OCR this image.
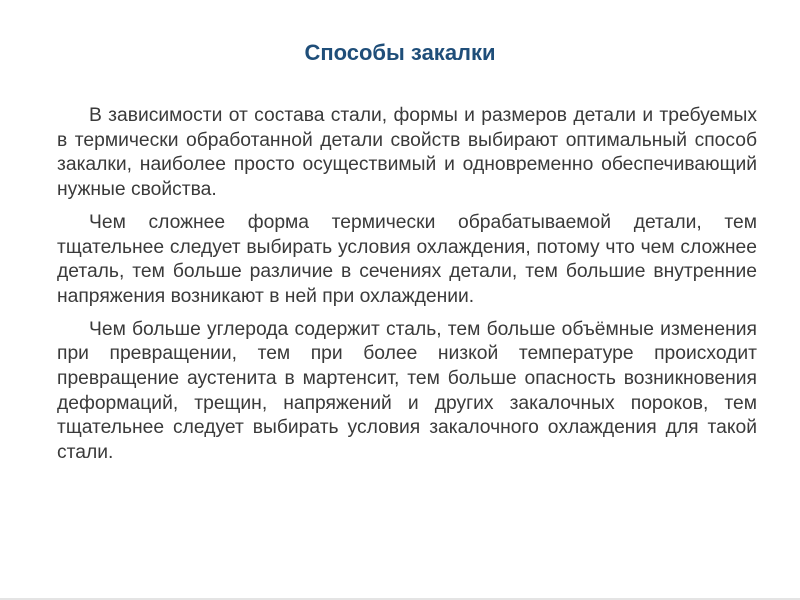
Способы закалки

В зависимости от состава стали, формы и размеров детали и требуемых в термически обработанной детали свойств выбирают оптимальный способ закалки, наиболее просто осуществимый и одновременно обеспечивающий нужные свойства.

Чем сложнее форма термически обрабатываемой детали, тем тщательнее следует выбирать условия охлаждения, потому что чем сложнее деталь, тем больше различие в сечениях детали, тем большие внутренние напряжения возникают в ней при охлаждении.

Чем больше углерода содержит сталь, тем больше объёмные изменения при превращении, тем при более низкой температуре происходит превращение аустенита в мартенсит, тем больше опасность возникновения деформаций, трещин, напряжений и других закалочных пороков, тем тщательнее следует выбирать условия закалочного охлаждения для такой стали.
